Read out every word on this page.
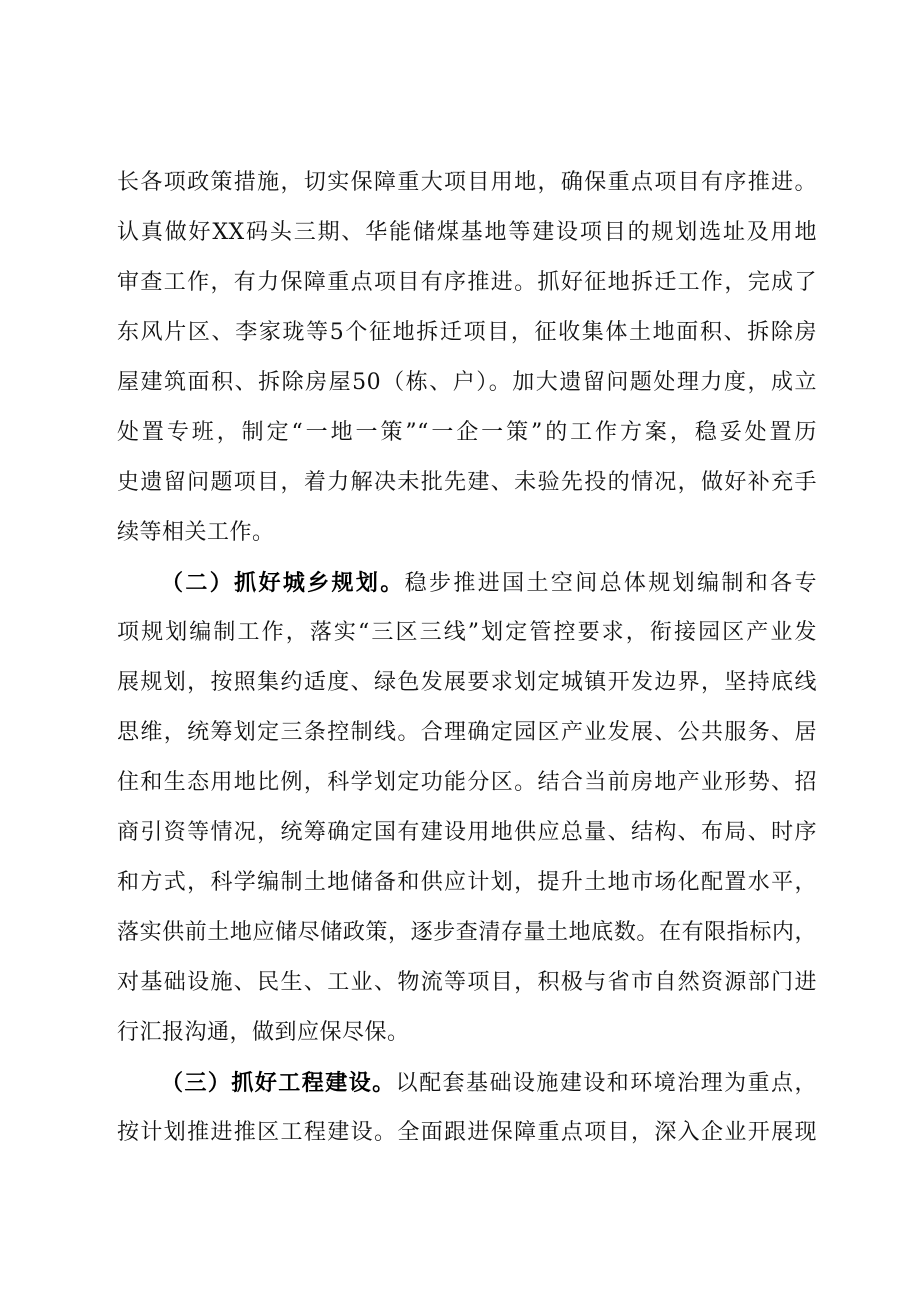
长各项政策措施，切实保障重大项目用地，确保重点项目有序推进。
认真做好XX码头三期、华能储煤基地等建设项目的规划选址及用地
审查工作，有力保障重点项目有序推进。抓好征地拆迁工作，完成了
东风片区、李家珑等5个征地拆迁项目，征收集体土地面积、拆除房
屋建筑面积、拆除房屋50（栋、户）。加大遗留问题处理力度，成立
处置专班，制定“一地一策”“一企一策”的工作方案，稳妥处置历
史遗留问题项目，着力解决未批先建、未验先投的情况，做好补充手
续等相关工作。
（二）抓好城乡规划。稳步推进国土空间总体规划编制和各专
项规划编制工作，落实“三区三线”划定管控要求，衔接园区产业发
展规划，按照集约适度、绿色发展要求划定城镇开发边界，坚持底线
思维，统筹划定三条控制线。合理确定园区产业发展、公共服务、居
住和生态用地比例，科学划定功能分区。结合当前房地产业形势、招
商引资等情况，统筹确定国有建设用地供应总量、结构、布局、时序
和方式，科学编制土地储备和供应计划，提升土地市场化配置水平，
落实供前土地应储尽储政策，逐步查清存量土地底数。在有限指标内，
对基础设施、民生、工业、物流等项目，积极与省市自然资源部门进
行汇报沟通，做到应保尽保。
（三）抓好工程建设。以配套基础设施建设和环境治理为重点，
按计划推进推区工程建设。全面跟进保障重点项目，深入企业开展现
